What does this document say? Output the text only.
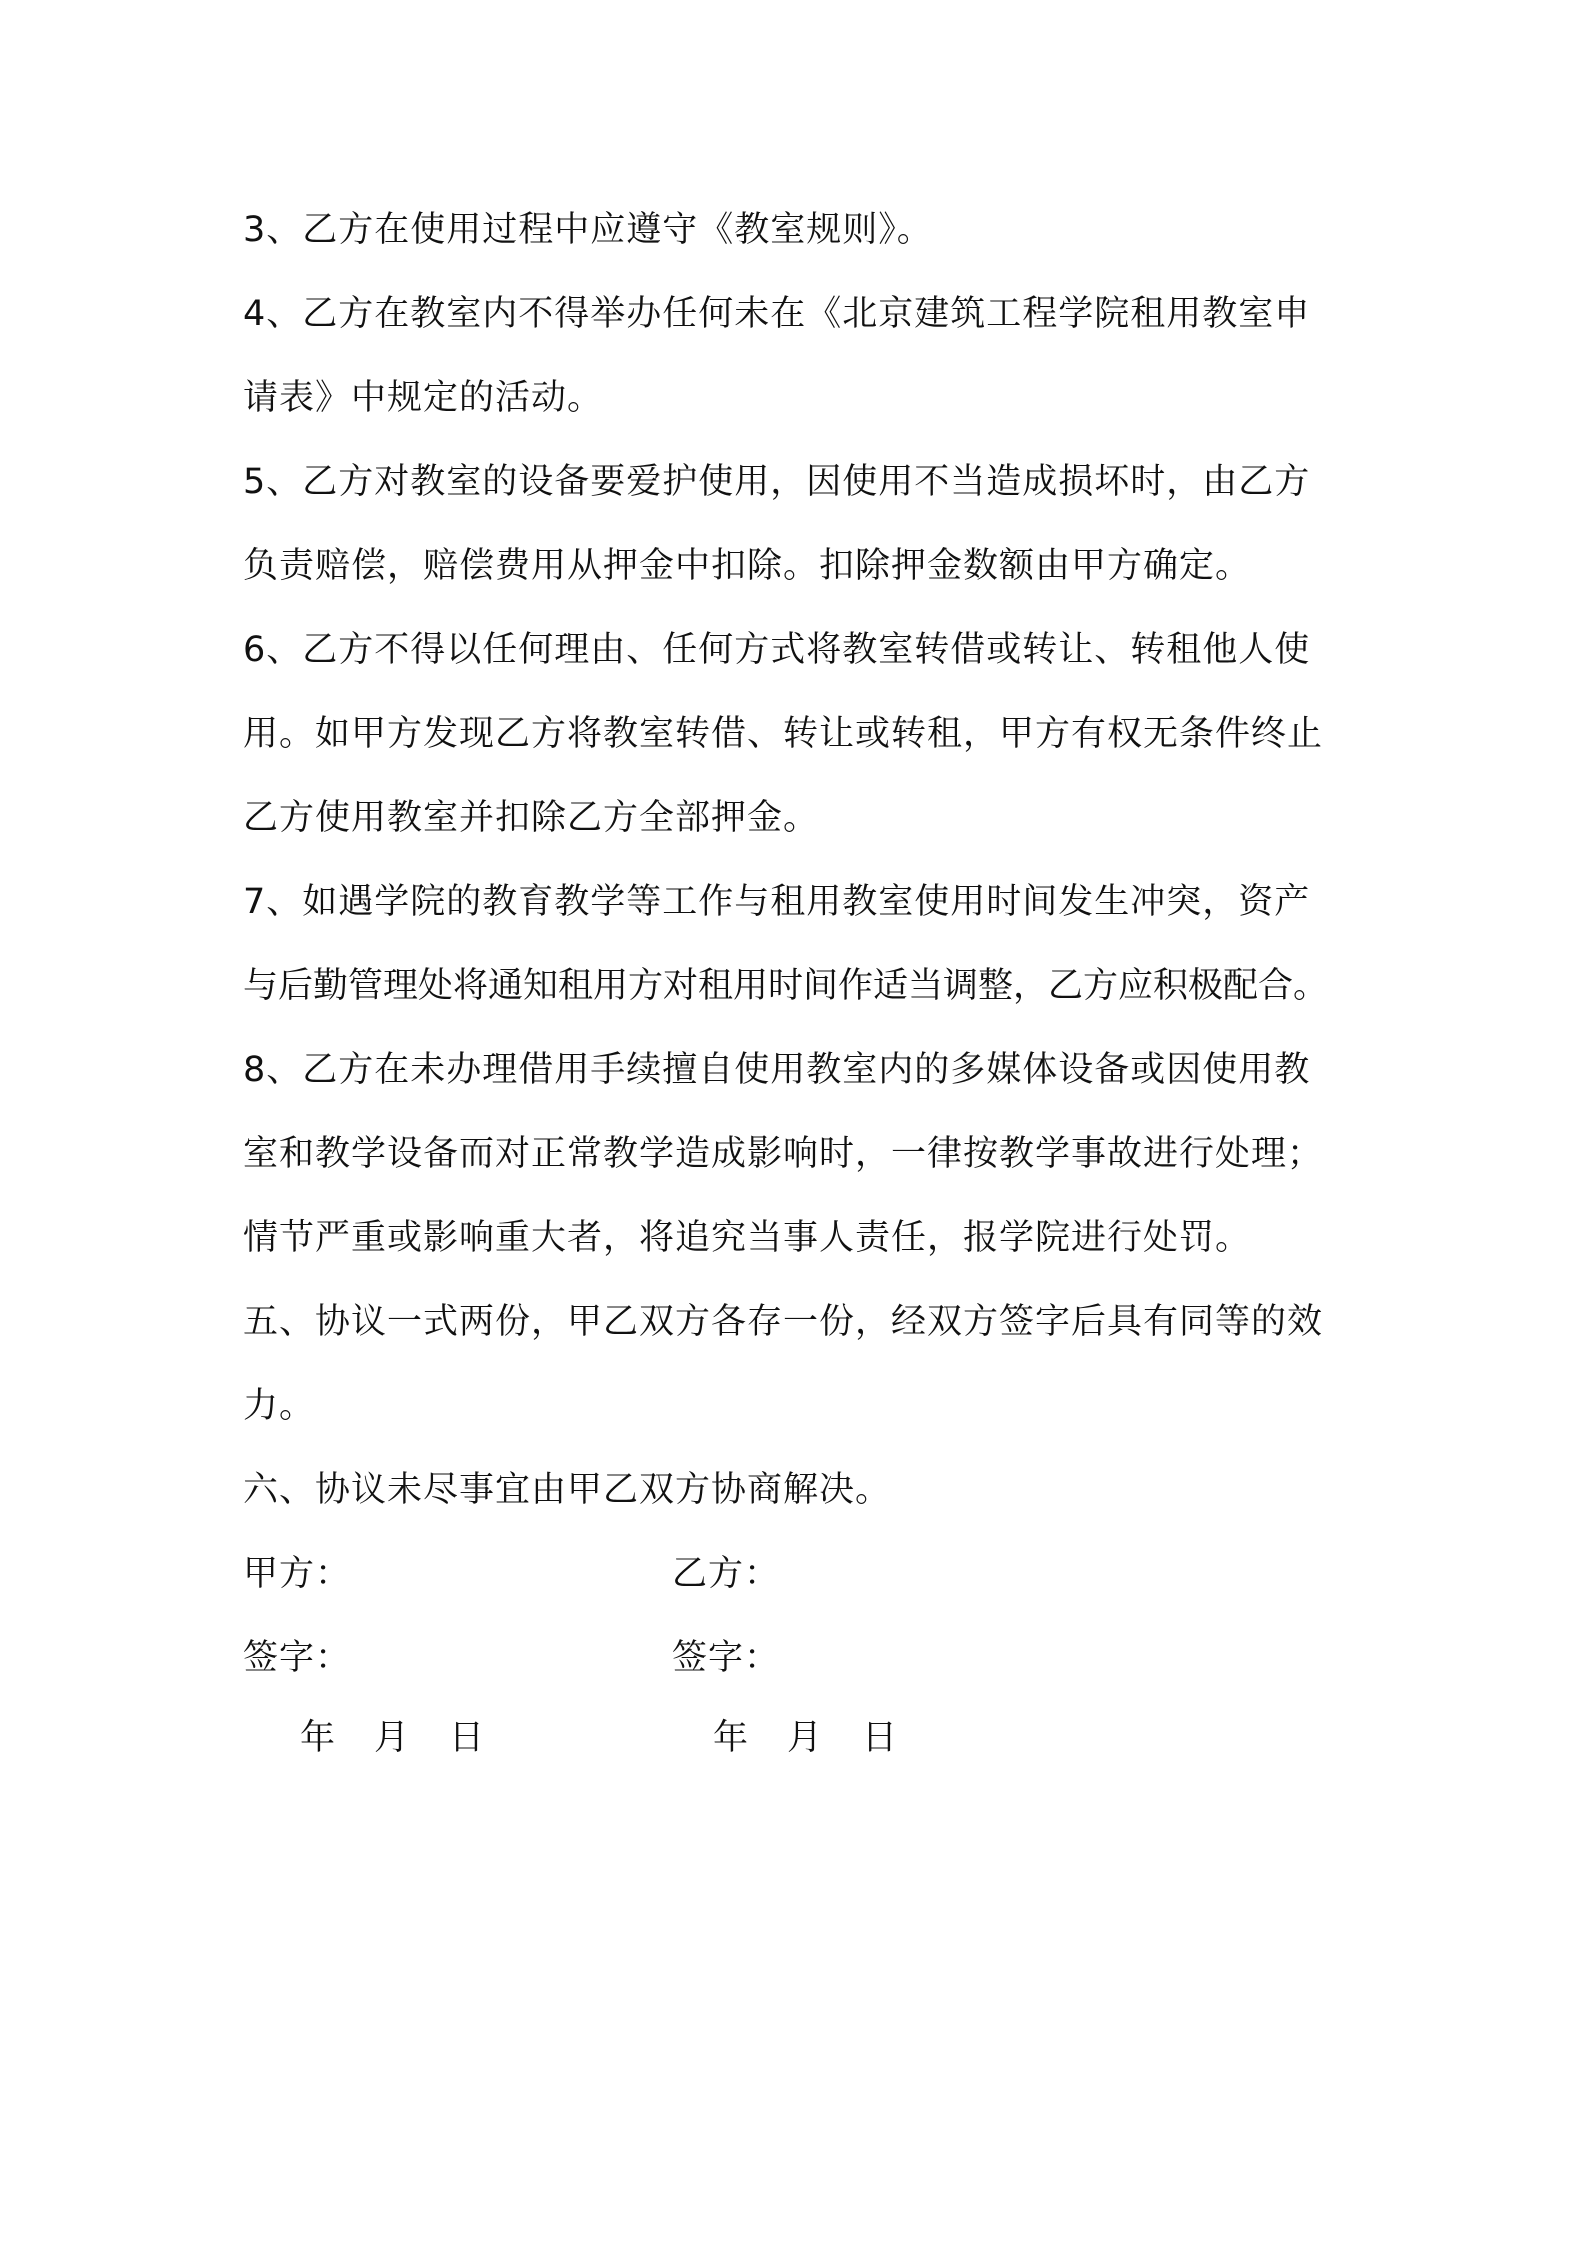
3、乙方在使用过程中应遵守《教室规则》。
4、乙方在教室内不得举办任何未在《北京建筑工程学院租用教室申
请表》中规定的活动。
5、乙方对教室的设备要爱护使用，因使用不当造成损坏时，由乙方
负责赔偿，赔偿费用从押金中扣除。扣除押金数额由甲方确定。
6、乙方不得以任何理由、任何方式将教室转借或转让、转租他人使
用。如甲方发现乙方将教室转借、转让或转租，甲方有权无条件终止
乙方使用教室并扣除乙方全部押金。
7、如遇学院的教育教学等工作与租用教室使用时间发生冲突，资产
与后勤管理处将通知租用方对租用时间作适当调整，乙方应积极配合。
8、乙方在未办理借用手续擅自使用教室内的多媒体设备或因使用教
室和教学设备而对正常教学造成影响时，一律按教学事故进行处理；
情节严重或影响重大者，将追究当事人责任，报学院进行处罚。
五、协议一式两份，甲乙双方各存一份，经双方签字后具有同等的效
力。
六、协议未尽事宜由甲乙双方协商解决。
甲方：	乙方：
签字：	签字：
年 月 日	年 月 日
